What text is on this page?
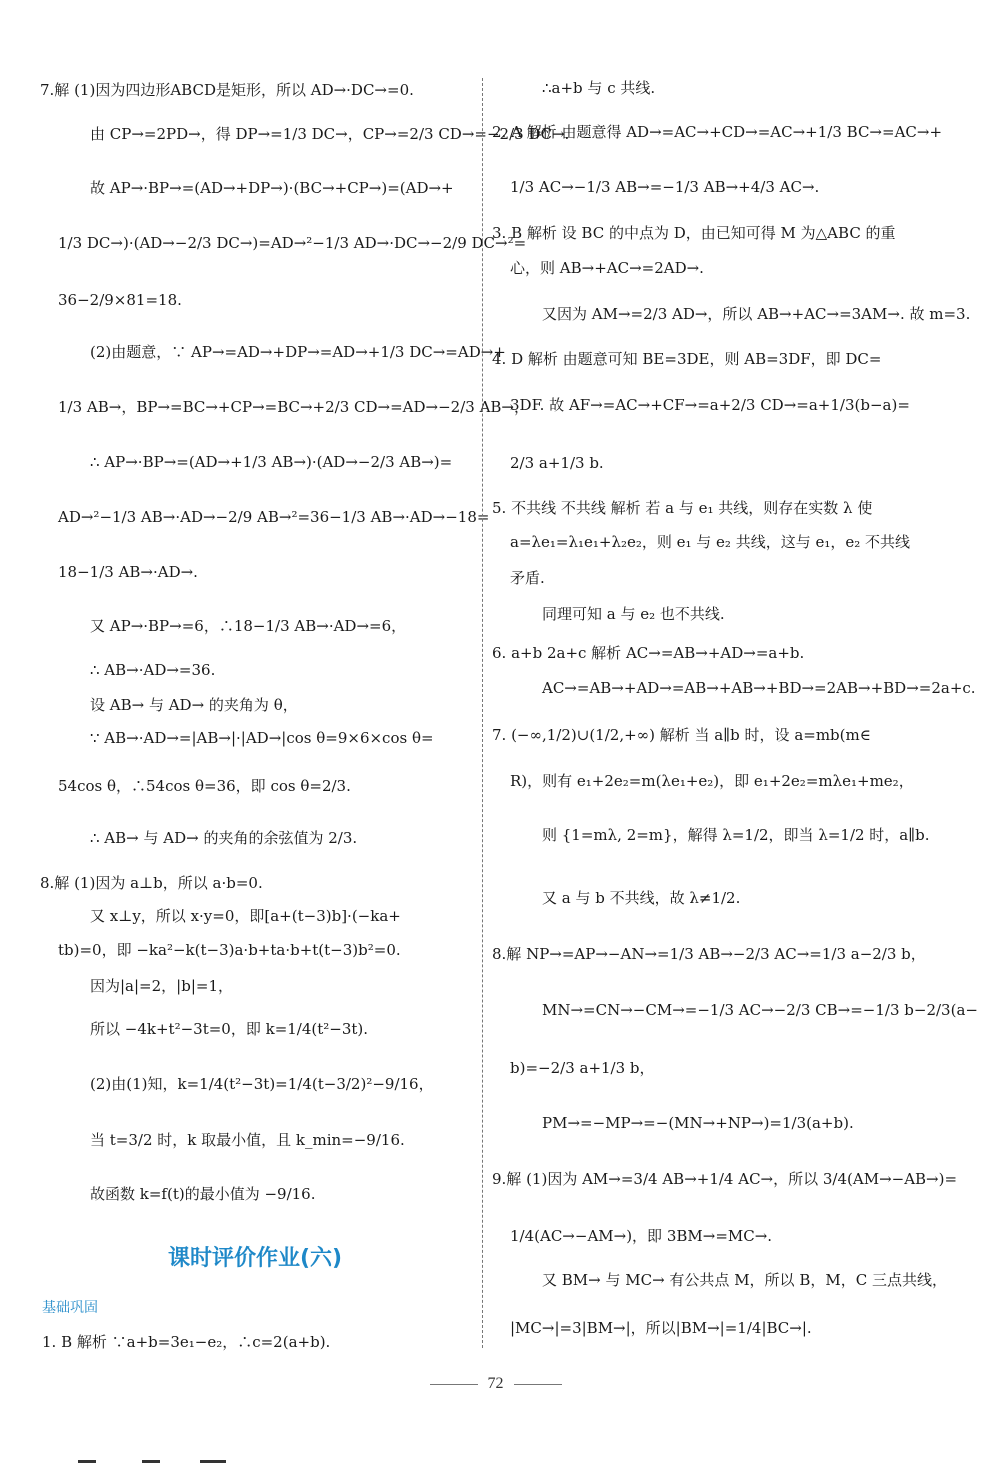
7.解 (1)因为四边形ABCD是矩形，所以 AD→·DC→=0.
由 CP→=2PD→，得 DP→=1/3 DC→，CP→=2/3 CD→=−2/3 DC→.
故 AP→·BP→=(AD→+DP→)·(BC→+CP→)=(AD→+
1/3 DC→)·(AD→−2/3 DC→)=AD→²−1/3 AD→·DC→−2/9 DC→²=
36−2/9×81=18.
(2)由题意，∵ AP→=AD→+DP→=AD→+1/3 DC→=AD→+
1/3 AB→，BP→=BC→+CP→=BC→+2/3 CD→=AD→−2/3 AB→，
∴ AP→·BP→=(AD→+1/3 AB→)·(AD→−2/3 AB→)=
AD→²−1/3 AB→·AD→−2/9 AB→²=36−1/3 AB→·AD→−18=
18−1/3 AB→·AD→.
又 AP→·BP→=6，∴18−1/3 AB→·AD→=6，
∴ AB→·AD→=36.
设 AB→ 与 AD→ 的夹角为 θ，
∵ AB→·AD→=|AB→|·|AD→|cos θ=9×6×cos θ=
54cos θ，∴54cos θ=36，即 cos θ=2/3.
∴ AB→ 与 AD→ 的夹角的余弦值为 2/3.
8.解 (1)因为 a⊥b，所以 a·b=0.
又 x⊥y，所以 x·y=0，即[a+(t−3)b]·(−ka+
tb)=0，即 −ka²−k(t−3)a·b+ta·b+t(t−3)b²=0.
因为|a|=2，|b|=1，
所以 −4k+t²−3t=0，即 k=1/4(t²−3t).
(2)由(1)知，k=1/4(t²−3t)=1/4(t−3/2)²−9/16，
当 t=3/2 时，k 取最小值，且 k_min=−9/16.
故函数 k=f(t)的最小值为 −9/16.
课时评价作业(六)
基础巩固
1. B 解析 ∵a+b=3e₁−e₂，∴c=2(a+b).
∴a+b 与 c 共线.
2. A 解析 由题意得 AD→=AC→+CD→=AC→+1/3 BC→=AC→+
1/3 AC→−1/3 AB→=−1/3 AB→+4/3 AC→.
3. B 解析 设 BC 的中点为 D，由已知可得 M 为△ABC 的重
心，则 AB→+AC→=2AD→.
又因为 AM→=2/3 AD→，所以 AB→+AC→=3AM→. 故 m=3.
4. D 解析 由题意可知 BE=3DE，则 AB=3DF，即 DC=
3DF. 故 AF→=AC→+CF→=a+2/3 CD→=a+1/3(b−a)=
2/3 a+1/3 b.
5. 不共线 不共线 解析 若 a 与 e₁ 共线，则存在实数 λ 使
a=λe₁=λ₁e₁+λ₂e₂，则 e₁ 与 e₂ 共线，这与 e₁，e₂ 不共线
矛盾.
同理可知 a 与 e₂ 也不共线.
6. a+b 2a+c 解析 AC→=AB→+AD→=a+b.
AC→=AB→+AD→=AB→+AB→+BD→=2AB→+BD→=2a+c.
7. (−∞,1/2)∪(1/2,+∞) 解析 当 a∥b 时，设 a=mb(m∈
R)，则有 e₁+2e₂=m(λe₁+e₂)，即 e₁+2e₂=mλe₁+me₂，
则 {1=mλ, 2=m}，解得 λ=1/2，即当 λ=1/2 时，a∥b.
又 a 与 b 不共线，故 λ≠1/2.
8.解 NP→=AP→−AN→=1/3 AB→−2/3 AC→=1/3 a−2/3 b，
MN→=CN→−CM→=−1/3 AC→−2/3 CB→=−1/3 b−2/3(a−
b)=−2/3 a+1/3 b，
PM→=−MP→=−(MN→+NP→)=1/3(a+b).
9.解 (1)因为 AM→=3/4 AB→+1/4 AC→，所以 3/4(AM→−AB→)=
1/4(AC→−AM→)，即 3BM→=MC→.
又 BM→ 与 MC→ 有公共点 M，所以 B，M，C 三点共线，
|MC→|=3|BM→|，所以|BM→|=1/4|BC→|.
72
